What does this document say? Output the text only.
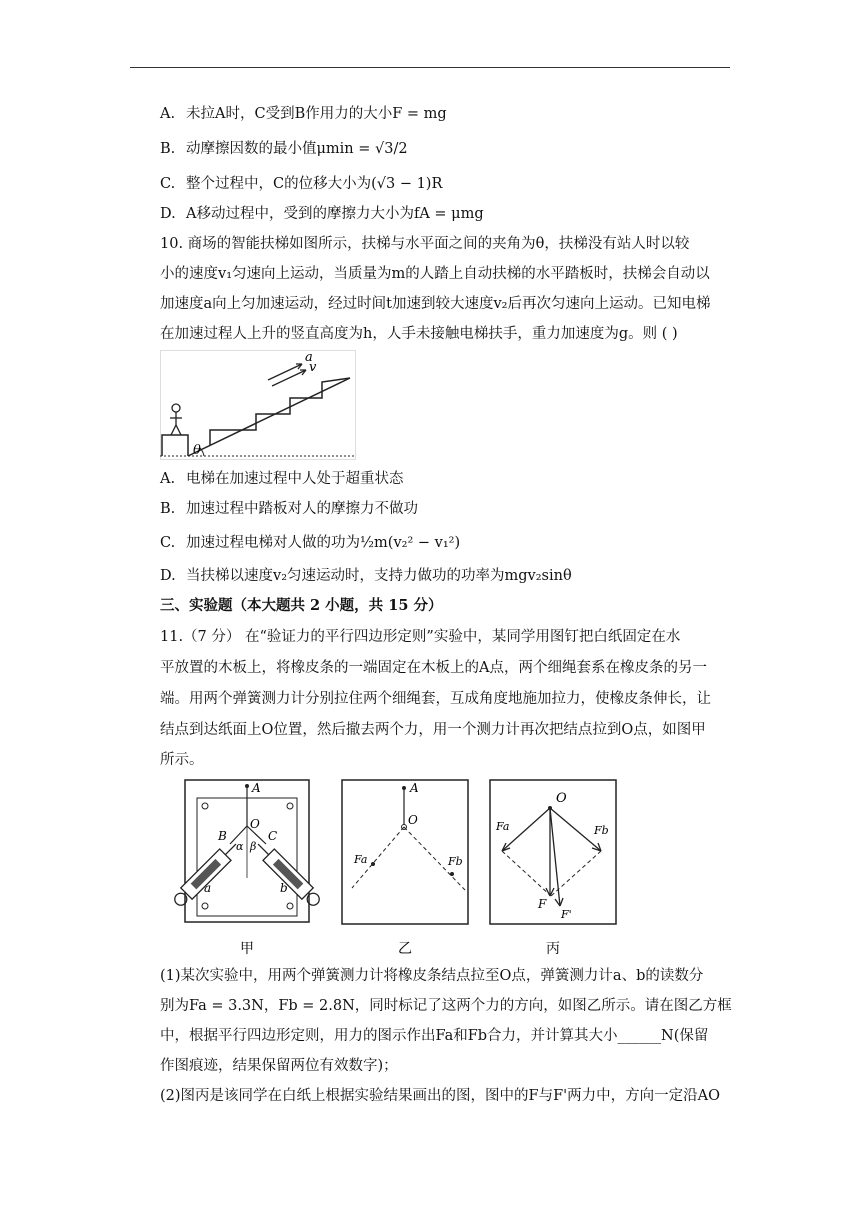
A. 未拉A时，C受到B作用力的大小F = mg
B. 动摩擦因数的最小值μmin = √3/2
C. 整个过程中，C的位移大小为(√3 − 1)R
D. A移动过程中，受到的摩擦力大小为fA = μmg
10. 商场的智能扶梯如图所示，扶梯与水平面之间的夹角为θ，扶梯没有站人时以较
小的速度v₁匀速向上运动，当质量为m的人踏上自动扶梯的水平踏板时，扶梯会自动以
加速度a向上匀加速运动，经过时间t加速到较大速度v₂后再次匀速向上运动。已知电梯
在加速过程人上升的竖直高度为h，人手未接触电梯扶手，重力加速度为g。则 ( )
θ
a
v
A. 电梯在加速过程中人处于超重状态
B. 加速过程中踏板对人的摩擦力不做功
C. 加速过程电梯对人做的功为½m(v₂² − v₁²)
D. 当扶梯以速度v₂匀速运动时，支持力做功的功率为mgv₂sinθ
三、实验题（本大题共 2 小题，共 15 分）
11.（7 分） 在“验证力的平行四边形定则”实验中，某同学用图钉把白纸固定在水
平放置的木板上，将橡皮条的一端固定在木板上的A点，两个细绳套系在橡皮条的另一
端。用两个弹簧测力计分别拉住两个细绳套，互成角度地施加拉力，使橡皮条伸长，让
结点到达纸面上O位置，然后撤去两个力，用一个测力计再次把结点拉到O点，如图甲
所示。
A
O
B	C
α β
a	b
甲
A
O
Fa	Fb
乙
O
Fa	Fb
F
F'
丙
(1)某次实验中，用两个弹簧测力计将橡皮条结点拉至O点，弹簧测力计a、b的读数分
别为Fa = 3.3N，Fb = 2.8N，同时标记了这两个力的方向，如图乙所示。请在图乙方框
中，根据平行四边形定则，用力的图示作出Fa和Fb合力，并计算其大小______N(保留
作图痕迹，结果保留两位有效数字)；
(2)图丙是该同学在白纸上根据实验结果画出的图，图中的F与F'两力中，方向一定沿AO
